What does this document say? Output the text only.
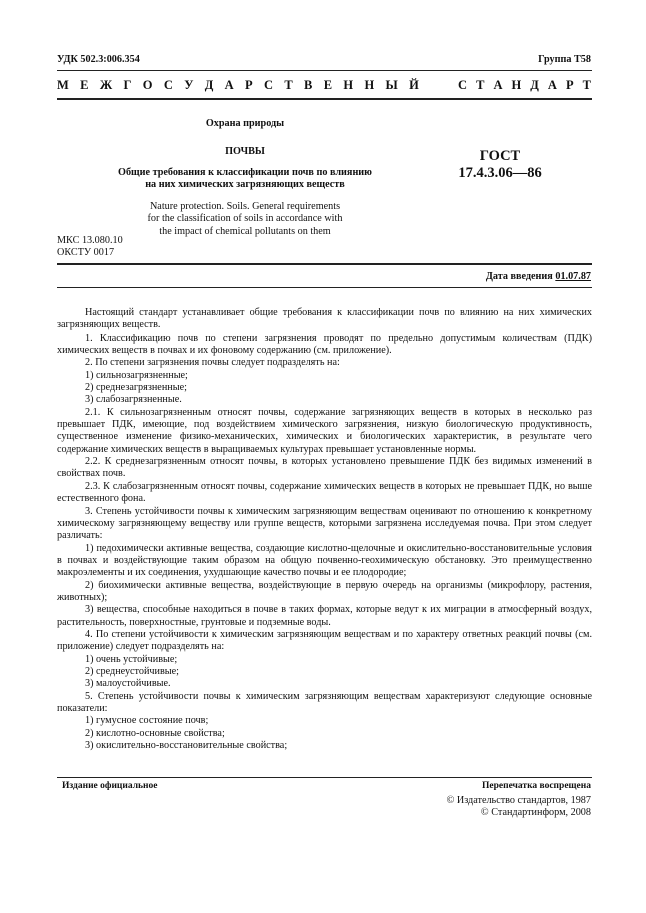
УДК 502.3:006.354	Группа Т58
М Е Ж Г О С У Д А Р С Т В Е Н Н Ы Й	С Т А Н Д А Р Т
Охрана природы
ПОЧВЫ
Общие требования к классификации почв по влиянию
на них химических загрязняющих веществ
Nature protection. Soils. General requirements
for the classification of soils in accordance with
the impact of chemical pollutants on them
ГОСТ
17.4.3.06—86
МКС 13.080.10
ОКСТУ 0017
Дата введения 01.07.87

Настоящий стандарт устанавливает общие требования к классификации почв по влиянию на них химических загрязняющих веществ.

1. Классификацию почв по степени загрязнения проводят по предельно допустимым количествам (ПДК) химических веществ в почвах и их фоновому содержанию (см. приложение).

2. По степени загрязнения почвы следует подразделять на:

1) сильнозагрязненные;

2) среднезагрязненные;

3) слабозагрязненные.

2.1. К сильнозагрязненным относят почвы, содержание загрязняющих веществ в которых в несколько раз превышает ПДК, имеющие, под воздействием химического загрязнения, низкую биологическую продуктивность, существенное изменение физико-механических, химических и биологических характеристик, в результате чего содержание химических веществ в выращиваемых культурах превышает установленные нормы.

2.2. К среднезагрязненным относят почвы, в которых установлено превышение ПДК без видимых изменений в свойствах почв.

2.3. К слабозагрязненным относят почвы, содержание химических веществ в которых не превышает ПДК, но выше естественного фона.

3. Степень устойчивости почвы к химическим загрязняющим веществам оценивают по отношению к конкретному химическому загрязняющему веществу или группе веществ, которыми загрязнена исследуемая почва. При этом следует различать:

1) педохимически активные вещества, создающие кислотно-щелочные и окислительно-восстановительные условия в почвах и воздействующие таким образом на общую почвенно-геохимическую обстановку. Это преимущественно макроэлементы и их соединения, ухудшающие качество почвы и ее плодородие;

2) биохимически активные вещества, воздействующие в первую очередь на организмы (микрофлору, растения, животных);

3) вещества, способные находиться в почве в таких формах, которые ведут к их миграции в атмосферный воздух, растительность, поверхностные, грунтовые и подземные воды.

4. По степени устойчивости к химическим загрязняющим веществам и по характеру ответных реакций почвы (см. приложение) следует подразделять на:

1) очень устойчивые;

2) среднеустойчивые;

3) малоустойчивые.

5. Степень устойчивости почвы к химическим загрязняющим веществам характеризуют следующие основные показатели:

1) гумусное состояние почв;

2) кислотно-основные свойства;

3) окислительно-восстановительные свойства;

Издание официальное	Перепечатка воспрещена
© Издательство стандартов, 1987
© Стандартинформ, 2008
